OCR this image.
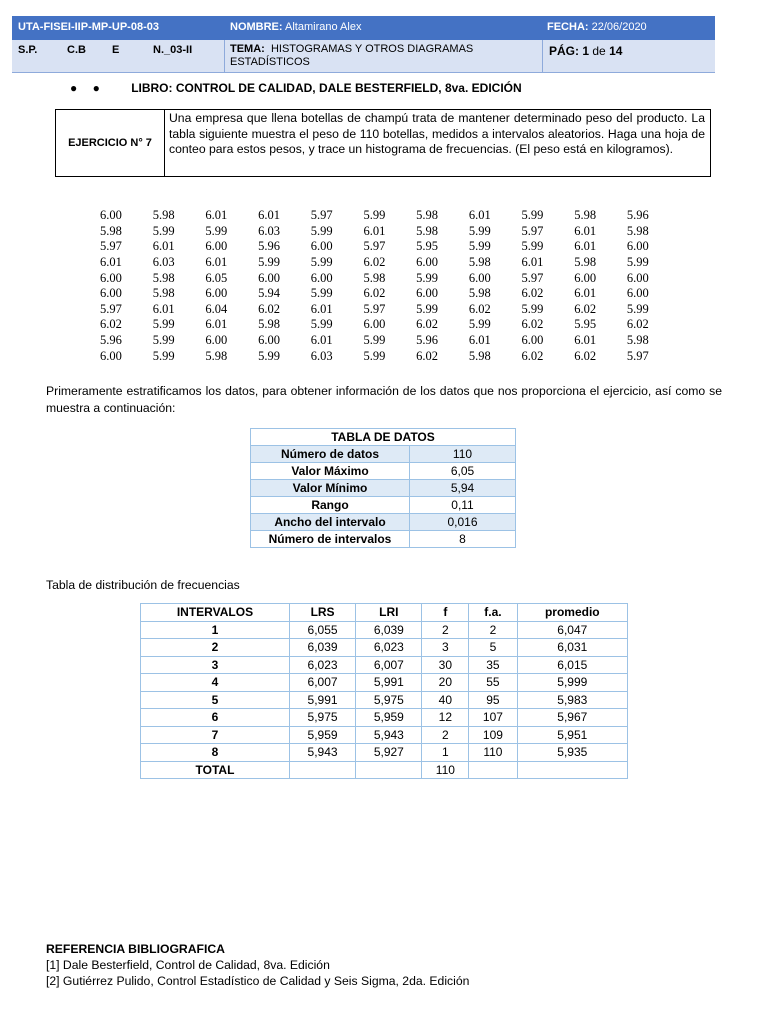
UTA-FISEI-IIP-MP-UP-08-03	NOMBRE: Altamirano Alex	FECHA: 22/06/2020
S.P.	C.B E	N._03-II	TEMA: HISTOGRAMAS Y OTROS DIAGRAMAS
ESTADÍSTICOS
PÁG: 1 de 14
● ● LIBRO: CONTROL DE CALIDAD, DALE BESTERFIELD, 8va. EDICIÓN
EJERCICIO N° 7
Una empresa que llena botellas de champú trata de mantener determinado peso del producto. La tabla siguiente muestra el peso de 110 botellas, medidos a intervalos aleatorios. Haga una hoja de conteo para estos pesos, y trace un histograma de frecuencias. (El peso está en kilogramos).
6.00	5.98	6.01	6.01	5.97	5.99	5.98	6.01	5.99	5.98	5.96
5.98	5.99	5.99	6.03	5.99	6.01	5.98	5.99	5.97	6.01	5.98
5.97	6.01	6.00	5.96	6.00	5.97	5.95	5.99	5.99	6.01	6.00
6.01	6.03	6.01	5.99	5.99	6.02	6.00	5.98	6.01	5.98	5.99
6.00	5.98	6.05	6.00	6.00	5.98	5.99	6.00	5.97	6.00	6.00
6.00	5.98	6.00	5.94	5.99	6.02	6.00	5.98	6.02	6.01	6.00
5.97	6.01	6.04	6.02	6.01	5.97	5.99	6.02	5.99	6.02	5.99
6.02	5.99	6.01	5.98	5.99	6.00	6.02	5.99	6.02	5.95	6.02
5.96	5.99	6.00	6.00	6.01	5.99	5.96	6.01	6.00	6.01	5.98
6.00	5.99	5.98	5.99	6.03	5.99	6.02	5.98	6.02	6.02	5.97
Primeramente estratificamos los datos, para obtener información de los datos que nos proporciona el ejercicio, así como se muestra a continuación:
TABLA DE DATOS	
Número de datos	110
Valor Máximo	6,05
Valor Mínimo	5,94
Rango	0,11
Ancho del intervalo	0,016
Número de intervalos	8
Tabla de distribución de frecuencias
INTERVALOS	LRS	LRI	f	f.a.	promedio
1	6,055	6,039	2	2	6,047
2	6,039	6,023	3	5	6,031
3	6,023	6,007	30	35	6,015
4	6,007	5,991	20	55	5,999
5	5,991	5,975	40	95	5,983
6	5,975	5,959	12	107	5,967
7	5,959	5,943	2	109	5,951
8	5,943	5,927	1	110	5,935
TOTAL			110		
REFERENCIA BIBLIOGRAFICA
[1] Dale Besterfield, Control de Calidad, 8va. Edición
[2] Gutiérrez Pulido, Control Estadístico de Calidad y Seis Sigma, 2da. Edición
